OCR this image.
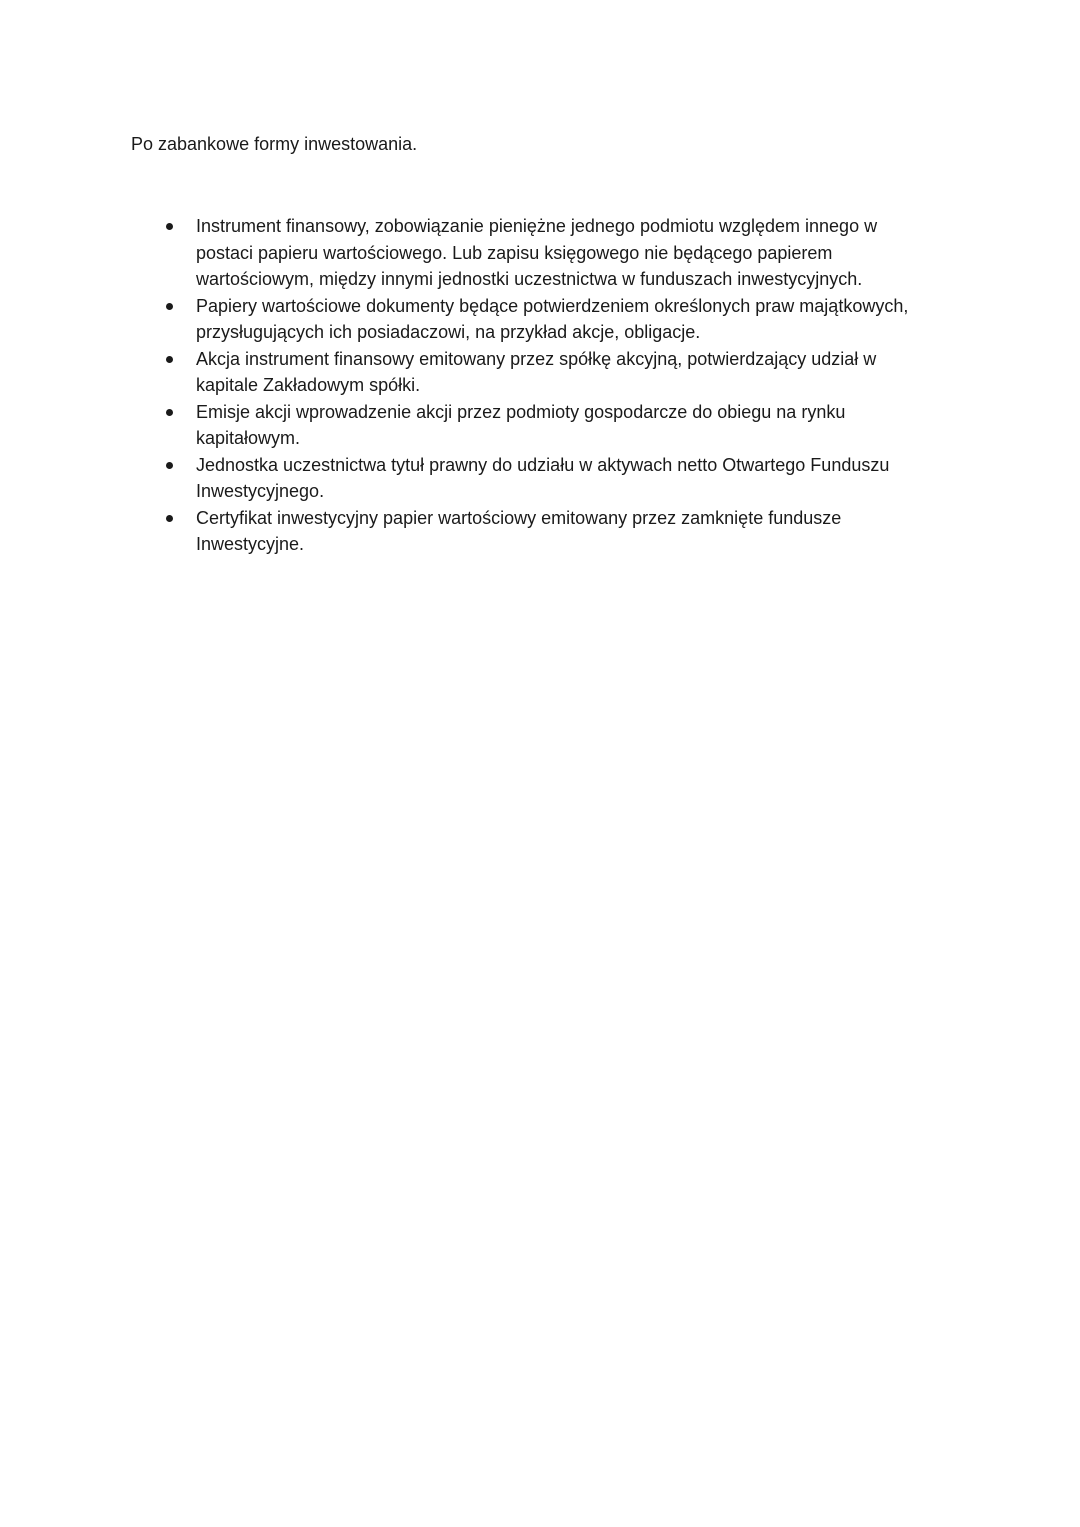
Po zabankowe formy inwestowania.

Instrument finansowy, zobowiązanie pieniężne jednego podmiotu względem innego w
postaci papieru wartościowego. Lub zapisu księgowego nie będącego papierem
wartościowym, między innymi jednostki uczestnictwa w funduszach inwestycyjnych.
Papiery wartościowe dokumenty będące potwierdzeniem określonych praw majątkowych,
przysługujących ich posiadaczowi, na przykład akcje, obligacje.
Akcja instrument finansowy emitowany przez spółkę akcyjną, potwierdzający udział w
kapitale Zakładowym spółki.
Emisje akcji wprowadzenie akcji przez podmioty gospodarcze do obiegu na rynku
kapitałowym.
Jednostka uczestnictwa tytuł prawny do udziału w aktywach netto Otwartego Funduszu
Inwestycyjnego.
Certyfikat inwestycyjny papier wartościowy emitowany przez zamknięte fundusze
Inwestycyjne.
